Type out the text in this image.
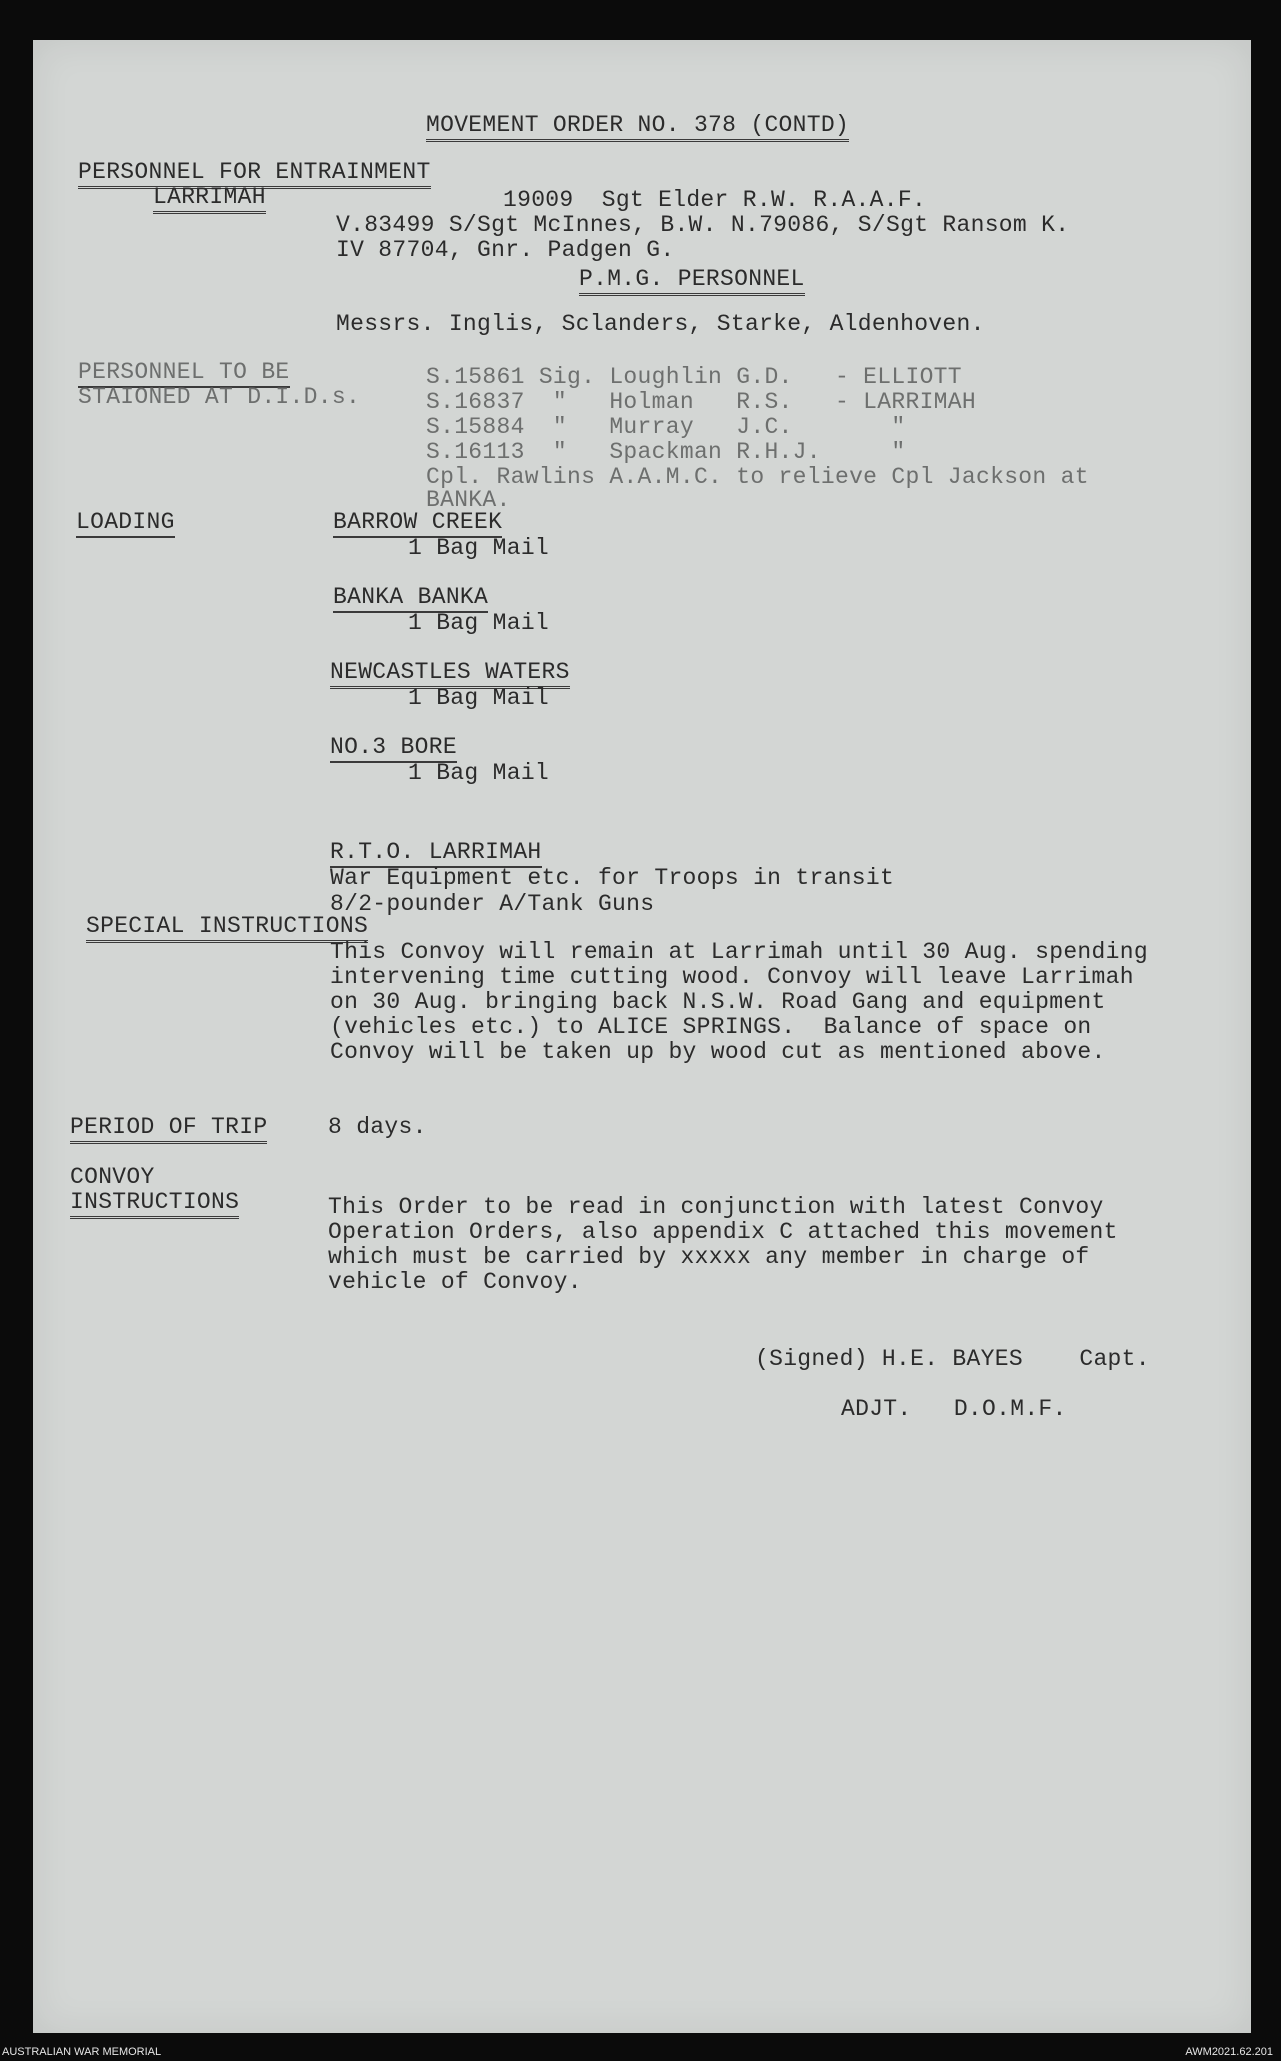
MOVEMENT ORDER NO. 378 (CONTD)
PERSONNEL FOR ENTRAINMENT
LARRIMAH	19009  Sgt Elder R.W. R.A.A.F.
V.83499 S/Sgt McInnes, B.W. N.79086, S/Sgt Ransom K.
IV 87704, Gnr. Padgen G.
P.M.G. PERSONNEL
Messrs. Inglis, Sclanders, Starke, Aldenhoven.
PERSONNEL TO BE
STAIONED AT D.I.D.s.
S.15861 Sig. Loughlin G.D.   - ELLIOTT
S.16837  "   Holman   R.S.   - LARRIMAH
S.15884  "   Murray   J.C.       "
S.16113  "   Spackman R.H.J.     "
Cpl. Rawlins A.A.M.C. to relieve Cpl Jackson at
BANKA.
LOADING	BARROW CREEK
1 Bag Mail
BANKA BANKA
1 Bag Mail
NEWCASTLES WATERS
1 Bag Mail
NO.3 BORE
1 Bag Mail
R.T.O. LARRIMAH
War Equipment etc. for Troops in transit
8/2-pounder A/Tank Guns
SPECIAL INSTRUCTIONS
This Convoy will remain at Larrimah until 30 Aug. spending
intervening time cutting wood. Convoy will leave Larrimah
on 30 Aug. bringing back N.S.W. Road Gang and equipment
(vehicles etc.) to ALICE SPRINGS.  Balance of space on
Convoy will be taken up by wood cut as mentioned above.
PERIOD OF TRIP	8 days.
CONVOY
INSTRUCTIONS	This Order to be read in conjunction with latest Convoy
Operation Orders, also appendix C attached this movement
which must be carried by xxxxx any member in charge of
vehicle of Convoy.
(Signed) H.E. BAYES    Capt.
ADJT.   D.O.M.F.
AUSTRALIAN WAR MEMORIAL	AWM2021.62.201
